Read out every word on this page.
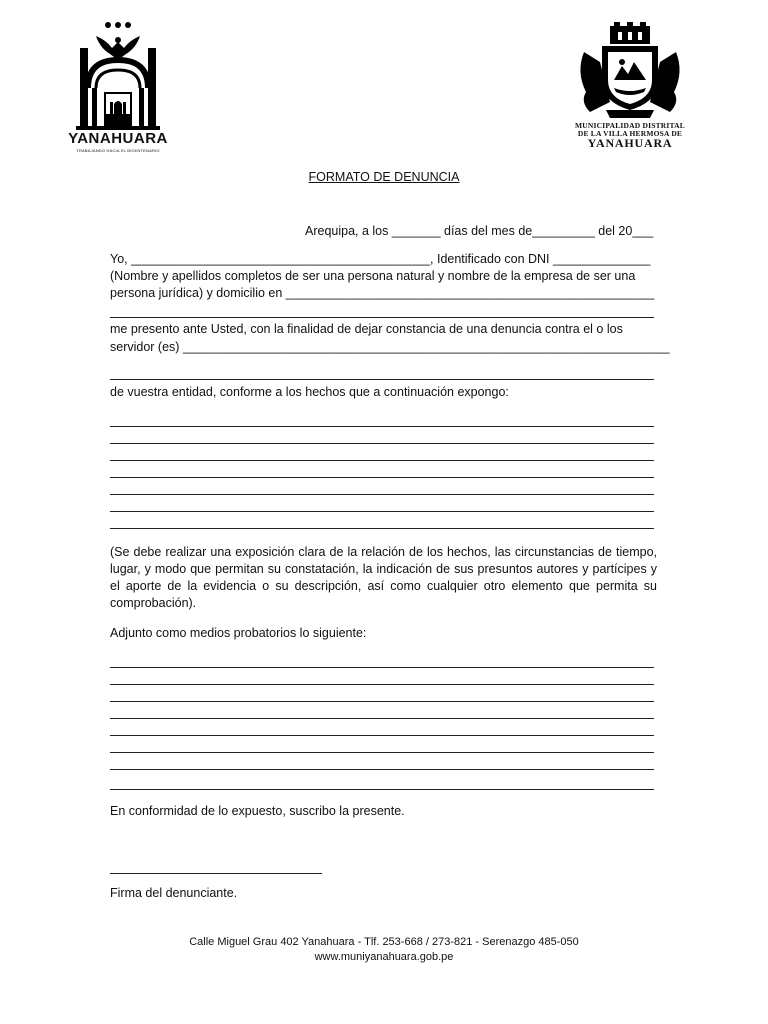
YANAHUARA
TRABAJANDO HACIA EL BICENTENARIO
MUNICIPALIDAD DISTRITAL
DE LA VILLA HERMOSA DE
YANAHUARA
FORMATO DE DENUNCIA
Arequipa, a los _______ días del mes de_________ del 20___
Yo, ___________________________________________, Identificado con DNI ______________
(Nombre y apellidos completos de ser una persona natural y nombre de la empresa de ser una
persona jurídica) y domicilio en _____________________________________________________
me presento ante Usted, con la finalidad de dejar constancia de una denuncia contra el o los
servidor (es) ______________________________________________________________________
de vuestra entidad, conforme a los hechos que a continuación expongo:
(Se debe realizar una exposición clara de la relación de los hechos, las circunstancias de tiempo, lugar, y modo que permitan su constatación, la indicación de sus presuntos autores y partícipes y el aporte de la evidencia o su descripción, así como cualquier otro elemento que permita su comprobación).
Adjunto como medios probatorios lo siguiente:
En conformidad de lo expuesto, suscribo la presente.
Firma del denunciante.
Calle Miguel Grau 402 Yanahuara - Tlf. 253-668 / 273-821 - Serenazgo 485-050
www.muniyanahuara.gob.pe
